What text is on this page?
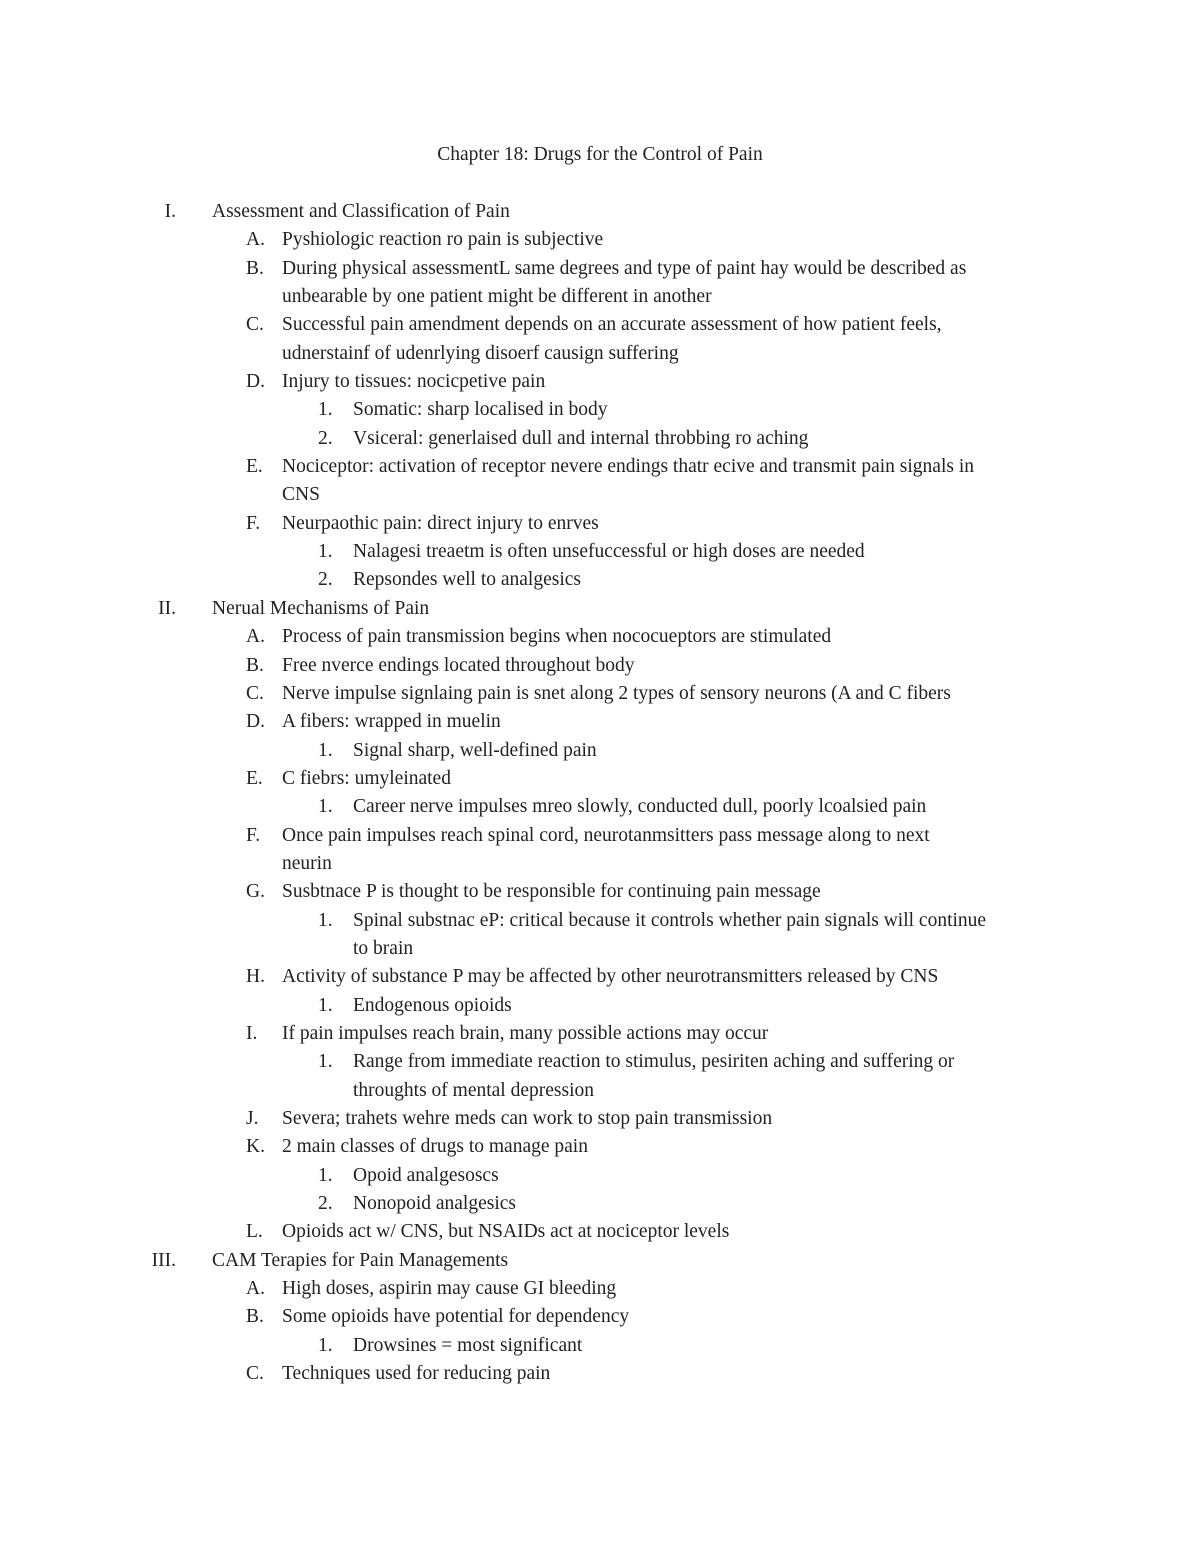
Chapter 18: Drugs for the Control of Pain
I. Assessment and Classification of Pain
A. Pyshiologic reaction ro pain is subjective
B. During physical assessmentL same degrees and type of paint hay would be described as
unbearable by one patient might be different in another
C. Successful pain amendment depends on an accurate assessment of how patient feels,
udnerstainf of udenrlying disoerf causign suffering
D. Injury to tissues: nocicpetive pain
1. Somatic: sharp localised in body
2. Vsiceral: generlaised dull and internal throbbing ro aching
E. Nociceptor: activation of receptor nevere endings thatr ecive and transmit pain signals in
CNS
F. Neurpaothic pain: direct injury to enrves
1. Nalagesi treaetm is often unsefuccessful or high doses are needed
2. Repsondes well to analgesics
II. Nerual Mechanisms of Pain
A. Process of pain transmission begins when nococueptors are stimulated
B. Free nverce endings located throughout body
C. Nerve impulse signlaing pain is snet along 2 types of sensory neurons (A and C fibers
D. A fibers: wrapped in muelin
1. Signal sharp, well-defined pain
E. C fiebrs: umyleinated
1. Career nerve impulses mreo slowly, conducted dull, poorly lcoalsied pain
F. Once pain impulses reach spinal cord, neurotanmsitters pass message along to next
neurin
G. Susbtnace P is thought to be responsible for continuing pain message
1. Spinal substnac eP: critical because it controls whether pain signals will continue
to brain
H. Activity of substance P may be affected by other neurotransmitters released by CNS
1. Endogenous opioids
I. If pain impulses reach brain, many possible actions may occur
1. Range from immediate reaction to stimulus, pesiriten aching and suffering or
throughts of mental depression
J. Severa; trahets wehre meds can work to stop pain transmission
K. 2 main classes of drugs to manage pain
1. Opoid analgesoscs
2. Nonopoid analgesics
L. Opioids act w/ CNS, but NSAIDs act at nociceptor levels
III. CAM Terapies for Pain Managements
A. High doses, aspirin may cause GI bleeding
B. Some opioids have potential for dependency
1. Drowsines = most significant
C. Techniques used for reducing pain
